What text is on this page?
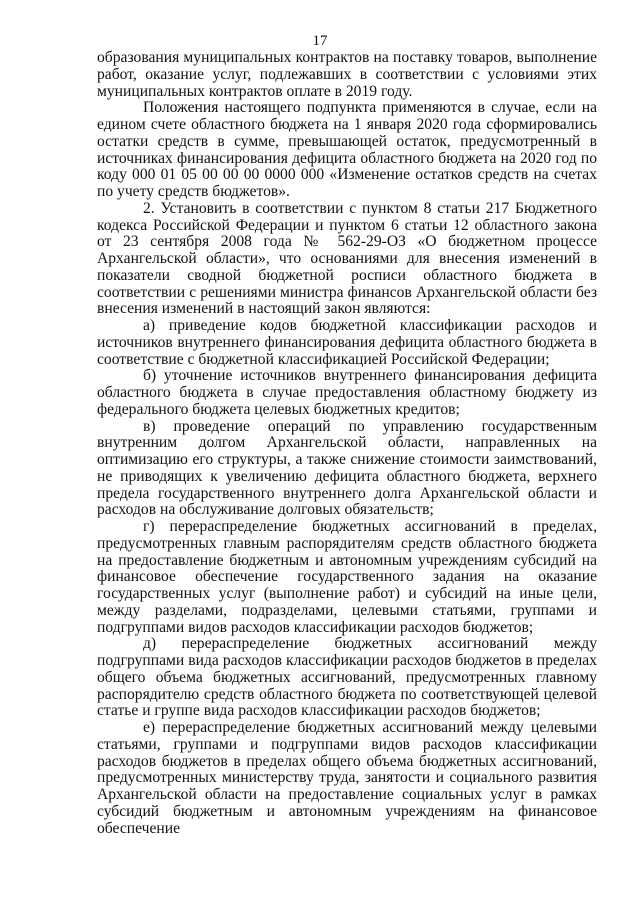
17

образования муниципальных контрактов на поставку товаров, выполнение работ, оказание услуг, подлежавших в соответствии с условиями этих муниципальных контрактов оплате в 2019 году.

Положения настоящего подпункта применяются в случае, если на едином счете областного бюджета на 1 января 2020 года сформировались остатки средств в сумме, превышающей остаток, предусмотренный в источниках финансирования дефицита областного бюджета на 2020 год по коду 000 01 05 00 00 00 0000 000 «Изменение остатков средств на счетах по учету средств бюджетов».

2. Установить в соответствии с пунктом 8 статьи 217 Бюджетного кодекса Российской Федерации и пунктом 6 статьи 12 областного закона от 23 сентября 2008 года № 562-29-ОЗ «О бюджетном процессе Архангельской области», что основаниями для внесения изменений в показатели сводной бюджетной росписи областного бюджета в соответствии с решениями министра финансов Архангельской области без внесения изменений в настоящий закон являются:

а) приведение кодов бюджетной классификации расходов и источников внутреннего финансирования дефицита областного бюджета в соответствие с бюджетной классификацией Российской Федерации;

б) уточнение источников внутреннего финансирования дефицита областного бюджета в случае предоставления областному бюджету из федерального бюджета целевых бюджетных кредитов;

в) проведение операций по управлению государственным внутренним долгом Архангельской области, направленных на оптимизацию его структуры, а также снижение стоимости заимствований, не приводящих к увеличению дефицита областного бюджета, верхнего предела государственного внутреннего долга Архангельской области и расходов на обслуживание долговых обязательств;

г) перераспределение бюджетных ассигнований в пределах, предусмотренных главным распорядителям средств областного бюджета на предоставление бюджетным и автономным учреждениям субсидий на финансовое обеспечение государственного задания на оказание государственных услуг (выполнение работ) и субсидий на иные цели, между разделами, подразделами, целевыми статьями, группами и подгруппами видов расходов классификации расходов бюджетов;

д) перераспределение бюджетных ассигнований между подгруппами вида расходов классификации расходов бюджетов в пределах общего объема бюджетных ассигнований, предусмотренных главному распорядителю средств областного бюджета по соответствующей целевой статье и группе вида расходов классификации расходов бюджетов;

е) перераспределение бюджетных ассигнований между целевыми статьями, группами и подгруппами видов расходов классификации расходов бюджетов в пределах общего объема бюджетных ассигнований, предусмотренных министерству труда, занятости и социального развития Архангельской области на предоставление социальных услуг в рамках субсидий бюджетным и автономным учреждениям на финансовое обеспечение
